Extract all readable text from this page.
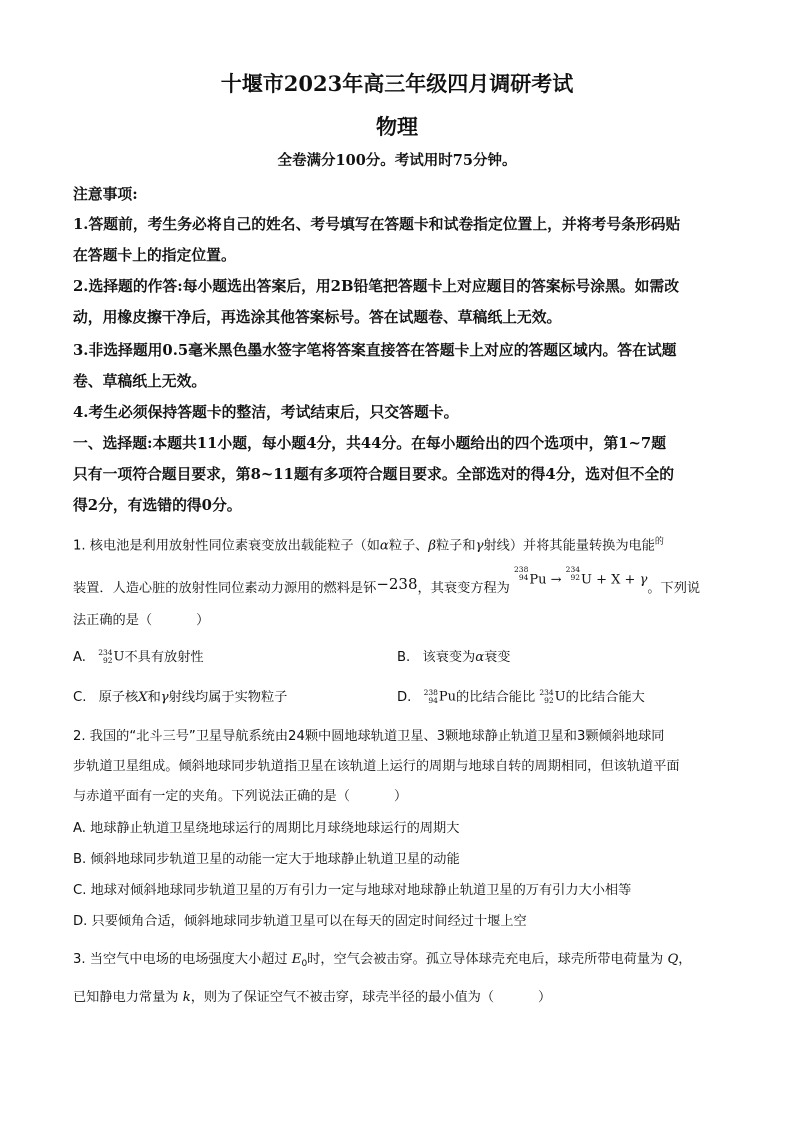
十堰市2023年高三年级四月调研考试
物理
全卷满分100分。考试用时75分钟。
注意事项:
1.答题前，考生务必将自己的姓名、考号填写在答题卡和试卷指定位置上，并将考号条形码贴
在答题卡上的指定位置。
2.选择题的作答:每小题选出答案后，用2B铅笔把答题卡上对应题目的答案标号涂黑。如需改
动，用橡皮擦干净后，再选涂其他答案标号。答在试题卷、草稿纸上无效。
3.非选择题用0.5毫米黑色墨水签字笔将答案直接答在答题卡上对应的答题区域内。答在试题
卷、草稿纸上无效。
4.考生必须保持答题卡的整洁，考试结束后，只交答题卡。
一、选择题:本题共11小题，每小题4分，共44分。在每小题给出的四个选项中，第1~7题
只有一项符合题目要求，第8~11题有多项符合题目要求。全部选对的得4分，选对但不全的
得2分，有选错的得0分。
1. 核电池是利用放射性同位素衰变放出载能粒子（如α粒子、β粒子和γ射线）并将其能量转换为电能$^的$
装置．人造心脏的放射性同位素动力源用的燃料是钚−238，其衰变方程为
238
94 Pu →
234
92 U + X + γ。下列说
法正确的是（	）
A. 234
92 U不具有放射性	B. 该衰变为α衰变
C. 原子核X和γ射线均属于实物粒子	D. 238
94 Pu的比结合能比 234
92 U的比结合能大
2. 我国的“北斗三号”卫星导航系统由24颗中圆地球轨道卫星、3颗地球静止轨道卫星和3颗倾斜地球同
步轨道卫星组成。倾斜地球同步轨道指卫星在该轨道上运行的周期与地球自转的周期相同，但该轨道平面
与赤道平面有一定的夹角。下列说法正确的是（	）
A. 地球静止轨道卫星绕地球运行的周期比月球绕地球运行的周期大
B. 倾斜地球同步轨道卫星的动能一定大于地球静止轨道卫星的动能
C. 地球对倾斜地球同步轨道卫星的万有引力一定与地球对地球静止轨道卫星的万有引力大小相等
D. 只要倾角合适，倾斜地球同步轨道卫星可以在每天的固定时间经过十堰上空
3. 当空气中电场的电场强度大小超过 $E_0$时，空气会被击穿。孤立导体球壳充电后，球壳所带电荷量为 Q，
已知静电力常量为 k，则为了保证空气不被击穿，球壳半径的最小值为（	）
